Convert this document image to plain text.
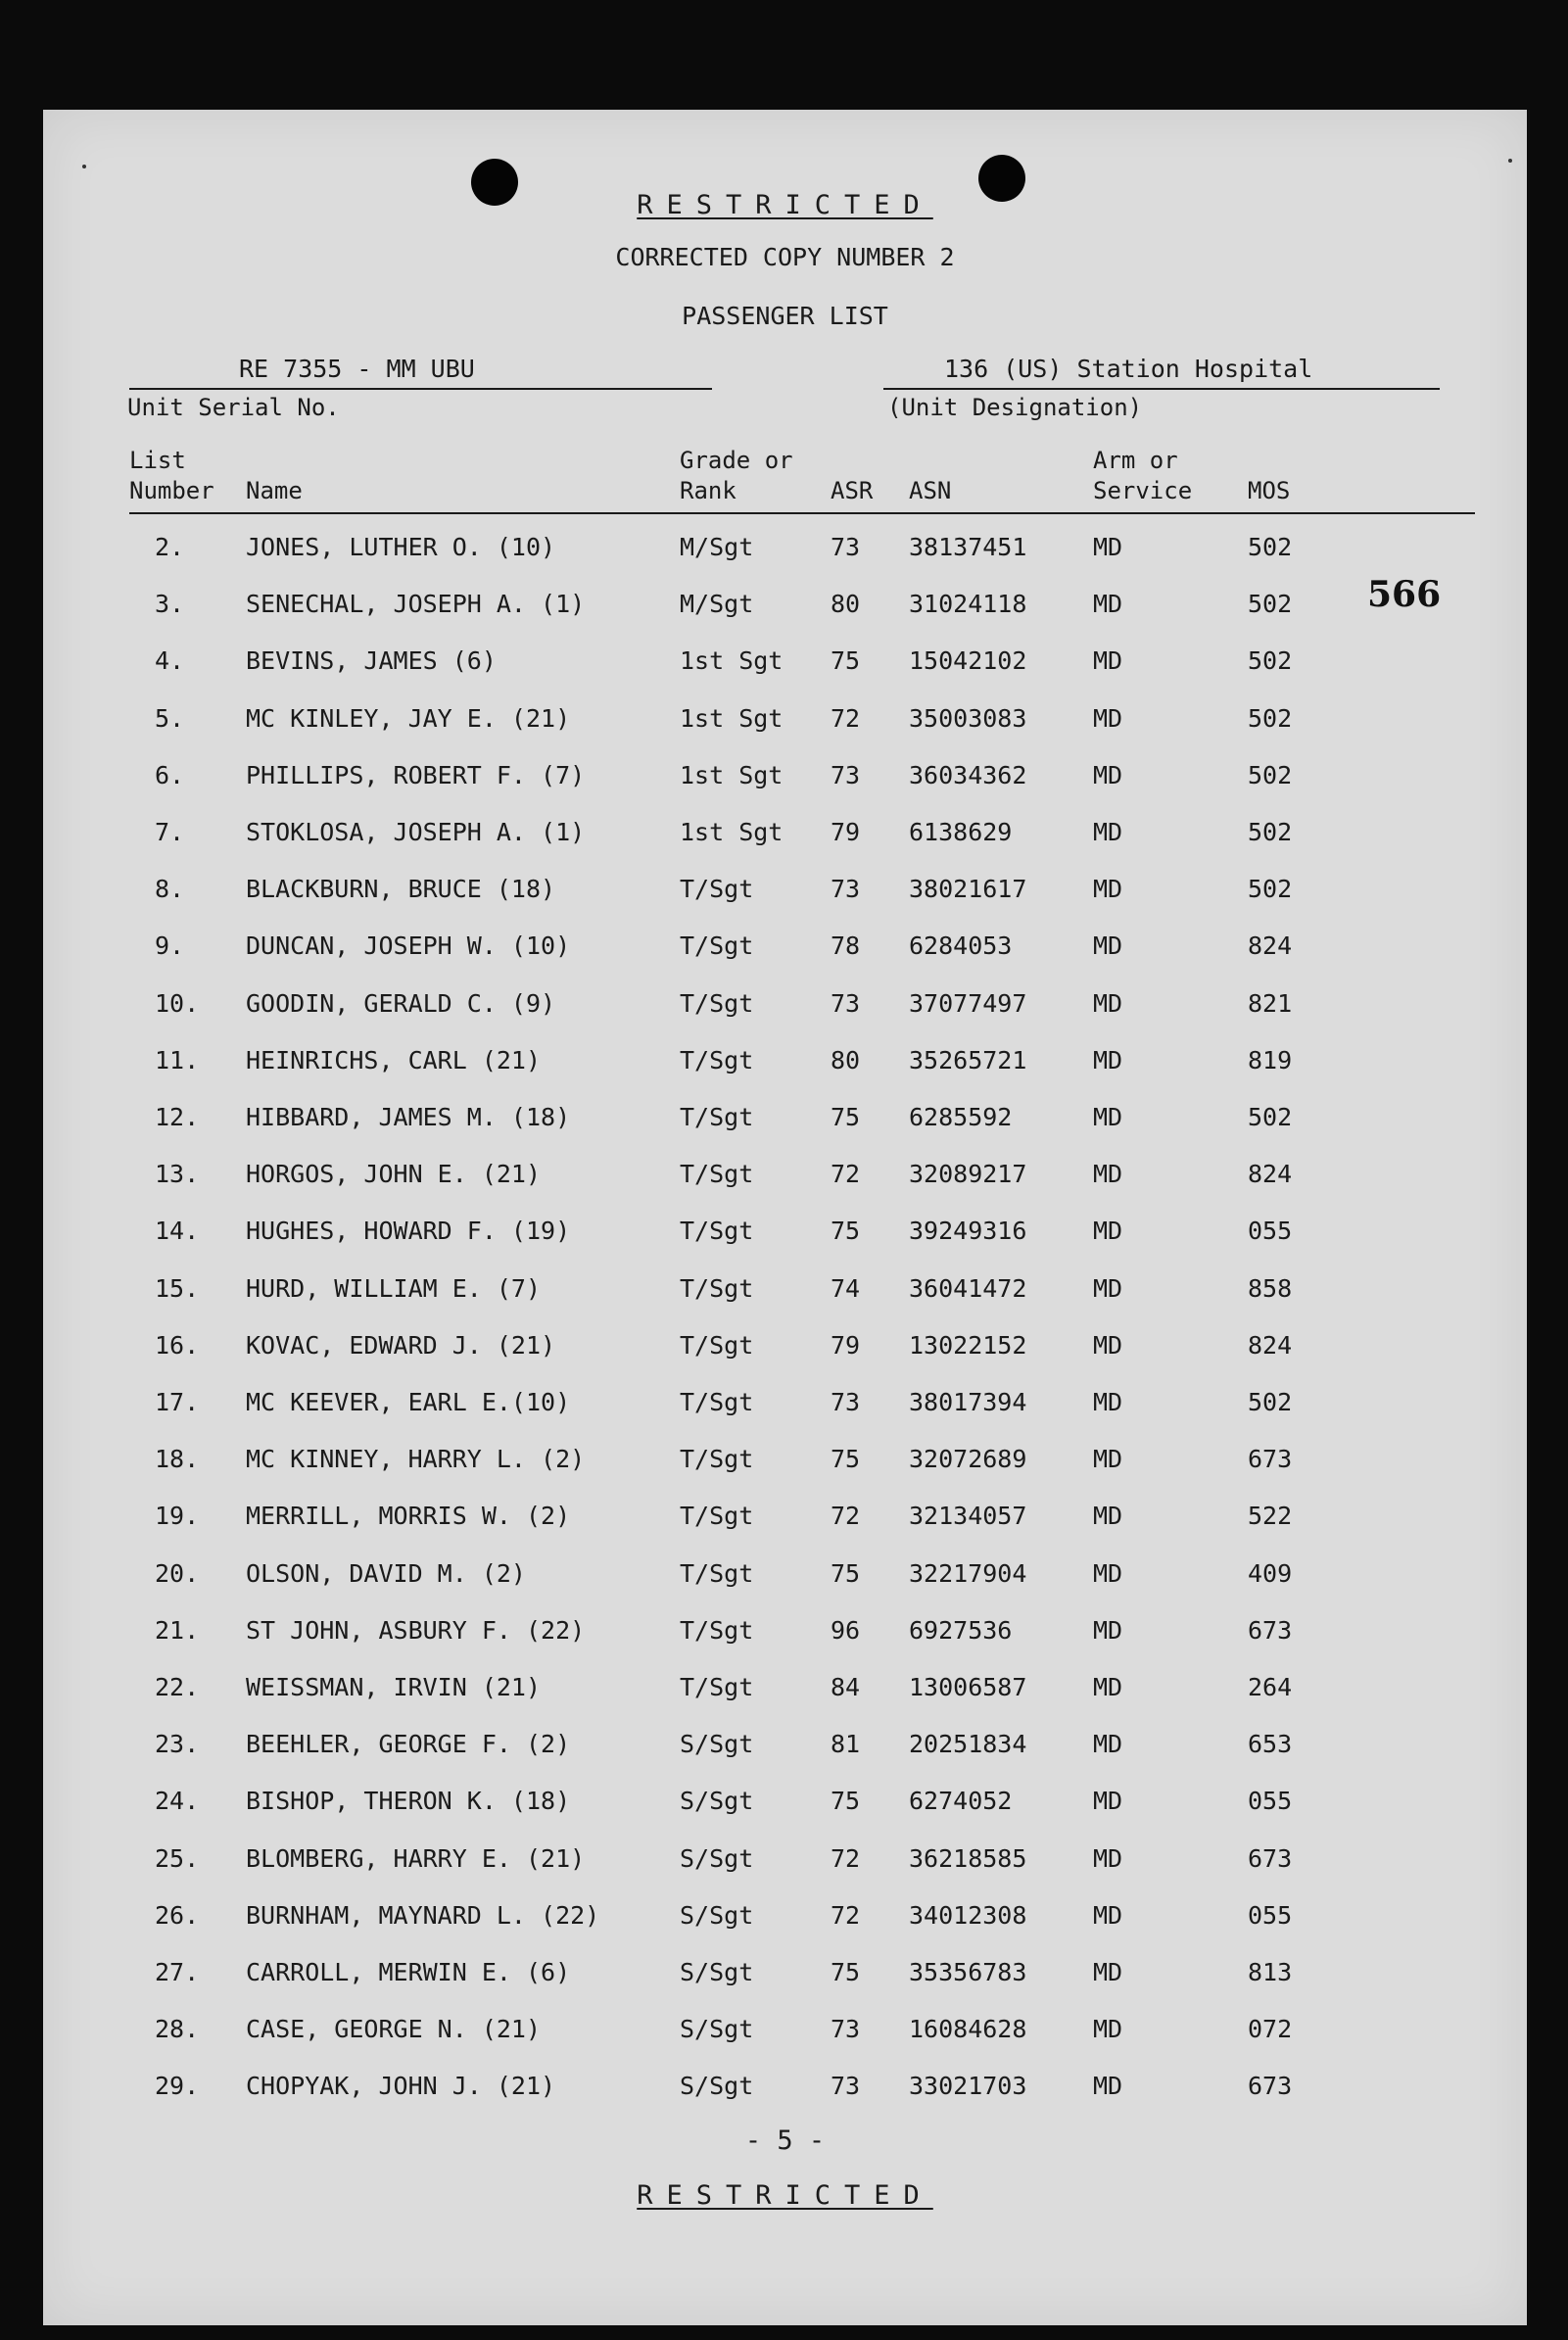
RESTRICTED
CORRECTED COPY NUMBER 2
PASSENGER LIST
RE 7355 - MM UBU
Unit Serial No.
136 (US) Station Hospital
(Unit Designation)
List
Number Name
Grade or
Rank	ASR ASN
Arm or
Service MOS
566
2.	JONES, LUTHER O. (10)	M/Sgt	73 38137451	MD	502
3.	SENECHAL, JOSEPH A. (1)	M/Sgt	80 31024118	MD	502
4.	BEVINS, JAMES (6)	1st Sgt 75 15042102	MD	502
5.	MC KINLEY, JAY E. (21)	1st Sgt 72 35003083	MD	502
6.	PHILLIPS, ROBERT F. (7)	1st Sgt 73 36034362	MD	502
7.	STOKLOSA, JOSEPH A. (1)	1st Sgt 79 6138629	MD	502
8.	BLACKBURN, BRUCE (18)	T/Sgt	73 38021617	MD	502
9.	DUNCAN, JOSEPH W. (10)	T/Sgt	78 6284053	MD	824
10. GOODIN, GERALD C. (9)	T/Sgt	73 37077497	MD	821
11. HEINRICHS, CARL (21)	T/Sgt	80 35265721	MD	819
12. HIBBARD, JAMES M. (18)	T/Sgt	75 6285592	MD	502
13. HORGOS, JOHN E. (21)	T/Sgt	72 32089217	MD	824
14. HUGHES, HOWARD F. (19)	T/Sgt	75 39249316	MD	055
15. HURD, WILLIAM E. (7)	T/Sgt	74 36041472	MD	858
16. KOVAC, EDWARD J. (21)	T/Sgt	79 13022152	MD	824
17. MC KEEVER, EARL E.(10)	T/Sgt	73 38017394	MD	502
18. MC KINNEY, HARRY L. (2)	T/Sgt	75 32072689	MD	673
19. MERRILL, MORRIS W. (2)	T/Sgt	72 32134057	MD	522
20. OLSON, DAVID M. (2)	T/Sgt	75 32217904	MD	409
21. ST JOHN, ASBURY F. (22)	T/Sgt	96 6927536	MD	673
22. WEISSMAN, IRVIN (21)	T/Sgt	84 13006587	MD	264
23. BEEHLER, GEORGE F. (2)	S/Sgt	81 20251834	MD	653
24. BISHOP, THERON K. (18)	S/Sgt	75 6274052	MD	055
25. BLOMBERG, HARRY E. (21)	S/Sgt	72 36218585	MD	673
26. BURNHAM, MAYNARD L. (22)	S/Sgt	72 34012308	MD	055
27. CARROLL, MERWIN E. (6)	S/Sgt	75 35356783	MD	813
28. CASE, GEORGE N. (21)	S/Sgt	73 16084628	MD	072
29. CHOPYAK, JOHN J. (21)	S/Sgt	73 33021703	MD	673
- 5 -
RESTRICTED
